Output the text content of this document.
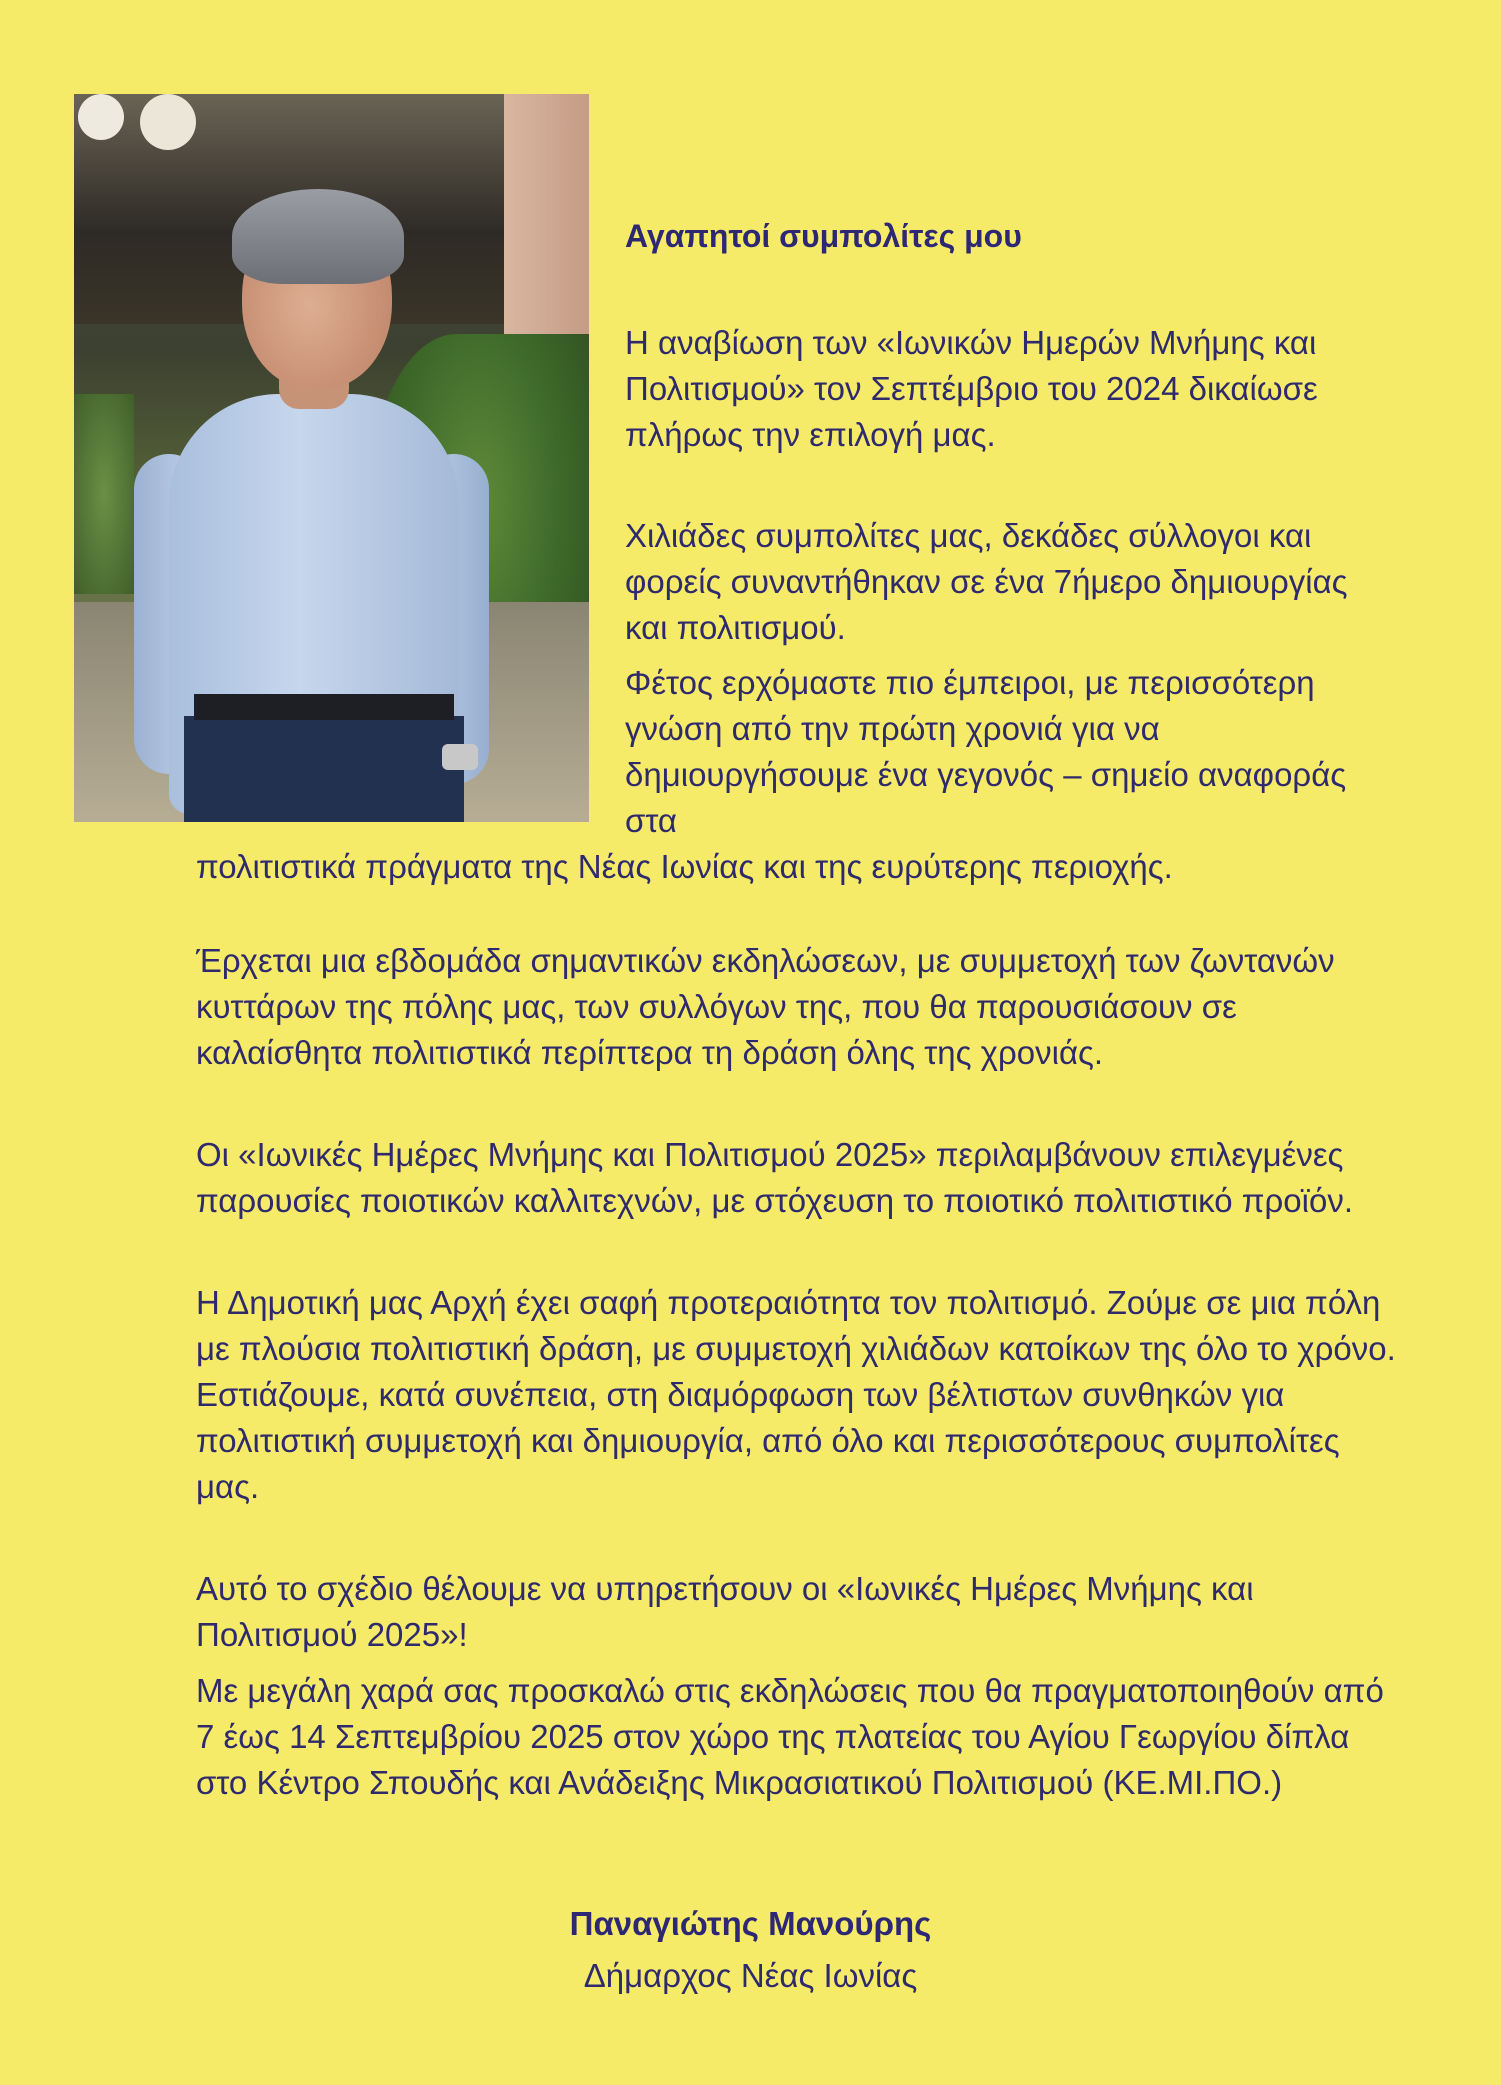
Αγαπητοί συμπολίτες μου

Η αναβίωση των «Ιωνικών Ημερών Μνήμης και Πολιτισμού» τον Σεπτέμβριο του 2024 δικαίωσε πλήρως την επιλογή μας.

Χιλιάδες συμπολίτες μας, δεκάδες σύλλογοι και φορείς συναντήθηκαν σε ένα 7ήμερο δημιουργίας και πολιτισμού.

Φέτος ερχόμαστε πιο έμπειροι, με περισσότερη γνώση από την πρώτη χρονιά για να δημιουργήσουμε ένα γεγονός – σημείο αναφοράς στα

πολιτιστικά πράγματα της Νέας Ιωνίας και της ευρύτερης περιοχής.

Έρχεται μια εβδομάδα σημαντικών εκδηλώσεων, με συμμετοχή των ζωντανών κυττάρων της πόλης μας, των συλλόγων της, που θα παρουσιάσουν σε καλαίσθητα πολιτιστικά περίπτερα τη δράση όλης της χρονιάς.

Οι «Ιωνικές Ημέρες Μνήμης και Πολιτισμού 2025» περιλαμβάνουν επιλεγμένες παρουσίες ποιοτικών καλλιτεχνών, με στόχευση το ποιοτικό πολιτιστικό προϊόν.

Η Δημοτική μας Αρχή έχει σαφή προτεραιότητα τον πολιτισμό. Ζούμε σε μια πόλη με πλούσια πολιτιστική δράση, με συμμετοχή χιλιάδων κατοίκων της όλο το χρόνο. Εστιάζουμε, κατά συνέπεια, στη διαμόρφωση των βέλτιστων συνθηκών για πολιτιστική συμμετοχή και δημιουργία, από όλο και περισσότερους συμπολίτες μας.

Αυτό το σχέδιο θέλουμε να υπηρετήσουν οι «Ιωνικές Ημέρες Μνήμης και Πολιτισμού 2025»!

Με μεγάλη χαρά σας προσκαλώ στις εκδηλώσεις που θα πραγματοποιηθούν από 7 έως 14 Σεπτεμβρίου 2025 στον χώρο της πλατείας του Αγίου Γεωργίου δίπλα στο Κέντρο Σπουδής και Ανάδειξης Μικρασιατικού Πολιτισμού (ΚΕ.ΜΙ.ΠΟ.)

Παναγιώτης Μανούρης

Δήμαρχος Νέας Ιωνίας
